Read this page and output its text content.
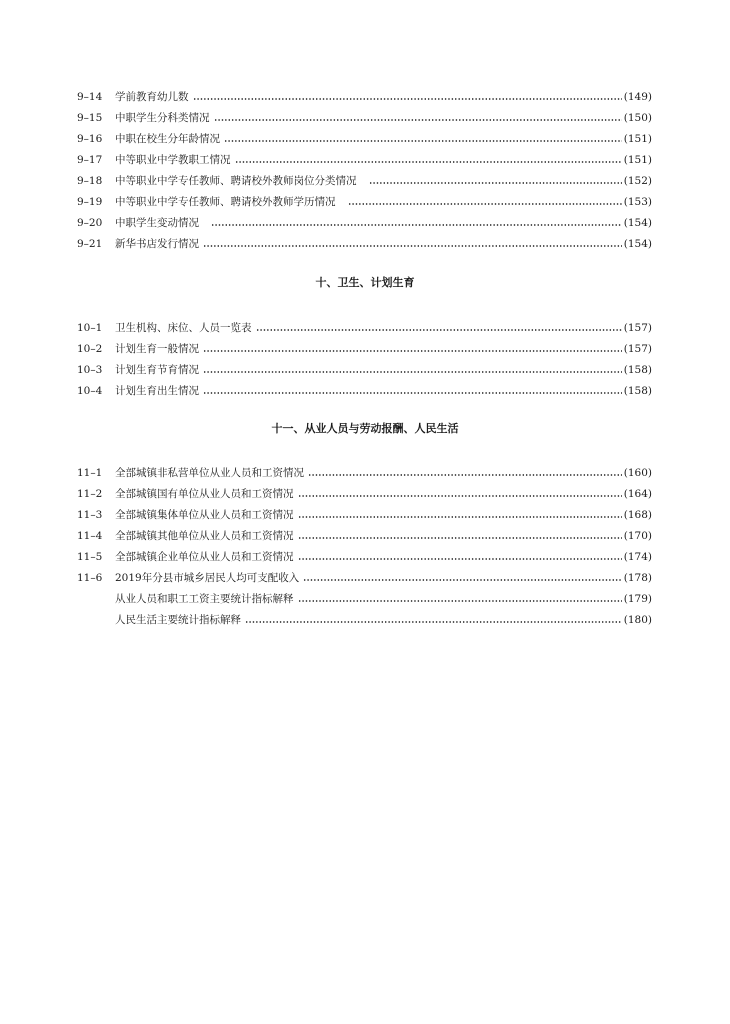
9–14	学前教育幼儿数	(149)
9–15	中职学生分科类情况	(150)
9–16	中职在校生分年龄情况	(151)
9–17	中等职业中学教职工情况	(151)
9–18	中等职业中学专任教师、聘请校外教师岗位分类情况	(152)
9–19	中等职业中学专任教师、聘请校外教师学历情况	(153)
9–20	中职学生变动情况	(154)
9–21	新华书店发行情况	(154)
十、卫生、计划生育
10–1	卫生机构、床位、人员一览表	(157)
10–2	计划生育一般情况	(157)
10–3	计划生育节育情况	(158)
10–4	计划生育出生情况	(158)
十一、从业人员与劳动报酬、人民生活
11–1	全部城镇非私营单位从业人员和工资情况	(160)
11–2	全部城镇国有单位从业人员和工资情况	(164)
11–3	全部城镇集体单位从业人员和工资情况	(168)
11–4	全部城镇其他单位从业人员和工资情况	(170)
11–5	全部城镇企业单位从业人员和工资情况	(174)
11–6	2019年分县市城乡居民人均可支配收入	(178)
从业人员和职工工资主要统计指标解释	(179)
人民生活主要统计指标解释	(180)
